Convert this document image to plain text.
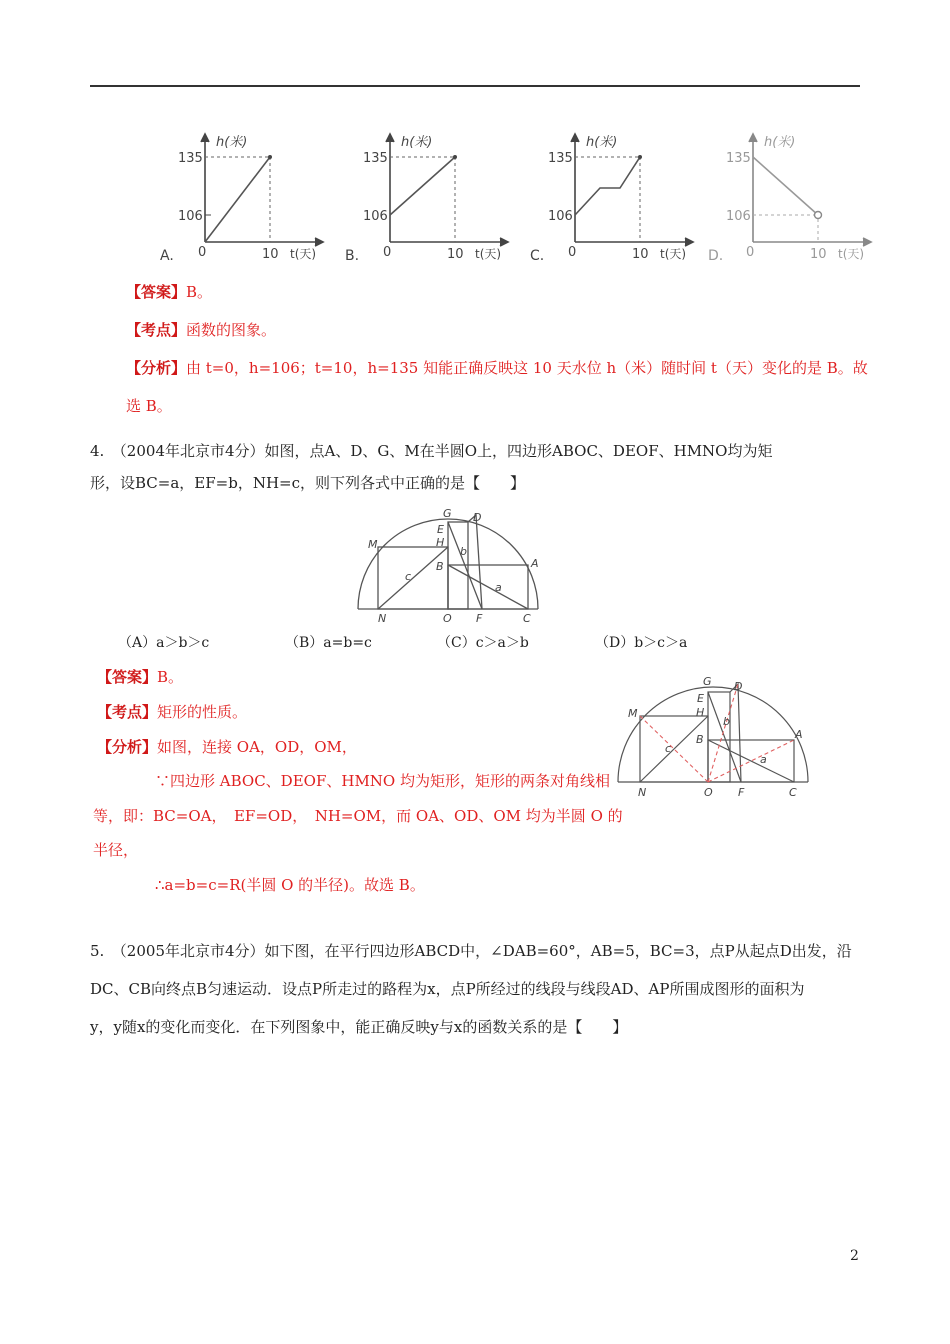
h(米)
135
106
0	10 t(天)
A.
h(米)
135
106
0	10 t(天)
B.
h(米)
135
106
0	10 t(天)
C.
h(米)
135
106
0	10 t(天)
D.
【答案】B。
【考点】函数的图象。
【分析】由 t=0，h=106；t=10，h=135 知能正确反映这 10 天水位 h（米）随时间 t（天）变化的是 B。故
选 B。
4.　（2004年北京市4分）如图，点A、D、G、M在半圆O上，四边形ABOC、DEOF、HMNO均为矩
形，设BC=a，EF=b，NH=c，则下列各式中正确的是【　　】
G D
E
H
M
B	A
N	O F	C
a
b
c
（A）a＞b＞c	（B）a=b=c	（C）c＞a＞b	（D）b＞c＞a
【答案】B。
【考点】矩形的性质。
【分析】如图，连接 OA，OD，OM，
∵四边形 ABOC、DEOF、HMNO 均为矩形，矩形的两条对角线相
等，即：BC=OA，　EF=OD，　NH=OM，而 OA、OD、OM 均为半圆 O 的
半径，
∴a=b=c=R(半圆 O 的半径)。故选 B。
G D
E
H
M
B	A
N	O F	C
a
b
c
5.　（2005年北京市4分）如下图，在平行四边形ABCD中，∠DAB=60°，AB=5，BC=3，点P从起点D出发，沿
DC、CB向终点B匀速运动．设点P所走过的路程为x，点P所经过的线段与线段AD、AP所围成图形的面积为
y，y随x的变化而变化．在下列图象中，能正确反映y与x的函数关系的是【　　】
2
